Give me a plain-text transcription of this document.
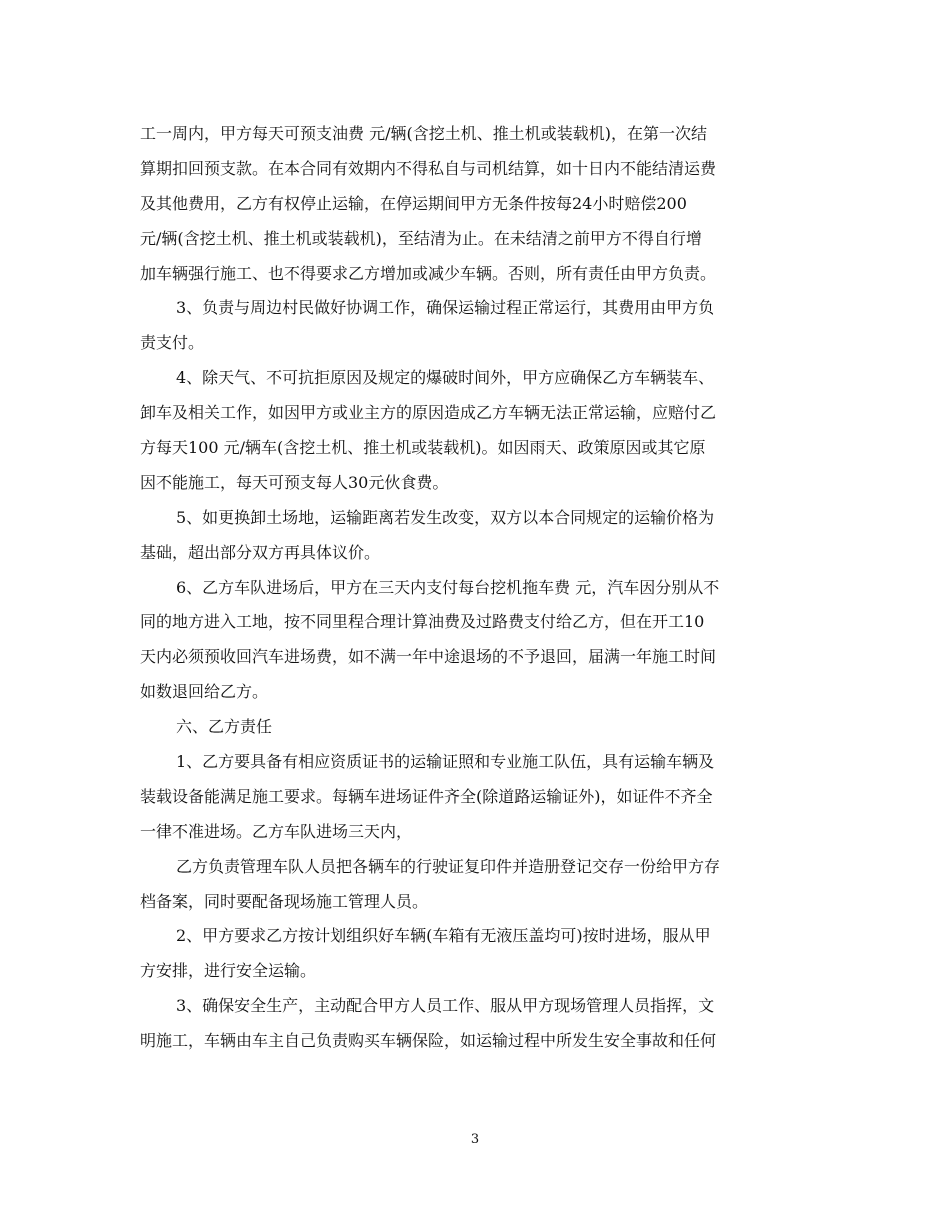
工一周内，甲方每天可预支油费 元/辆(含挖土机、推土机或装载机)，在第一次结
算期扣回预支款。在本合同有效期内不得私自与司机结算，如十日内不能结清运费
及其他费用，乙方有权停止运输，在停运期间甲方无条件按每24小时赔偿200
元/辆(含挖土机、推土机或装载机)，至结清为止。在未结清之前甲方不得自行增
加车辆强行施工、也不得要求乙方增加或减少车辆。否则，所有责任由甲方负责。
3、负责与周边村民做好协调工作，确保运输过程正常运行，其费用由甲方负
责支付。
4、除天气、不可抗拒原因及规定的爆破时间外，甲方应确保乙方车辆装车、
卸车及相关工作，如因甲方或业主方的原因造成乙方车辆无法正常运输，应赔付乙
方每天100 元/辆车(含挖土机、推土机或装载机)。如因雨天、政策原因或其它原
因不能施工，每天可预支每人30元伙食费。
5、如更换卸土场地，运输距离若发生改变，双方以本合同规定的运输价格为
基础，超出部分双方再具体议价。
6、乙方车队进场后，甲方在三天内支付每台挖机拖车费 元，汽车因分别从不
同的地方进入工地，按不同里程合理计算油费及过路费支付给乙方，但在开工10
天内必须预收回汽车进场费，如不满一年中途退场的不予退回，届满一年施工时间
如数退回给乙方。
六、乙方责任
1、乙方要具备有相应资质证书的运输证照和专业施工队伍，具有运输车辆及
装载设备能满足施工要求。每辆车进场证件齐全(除道路运输证外)，如证件不齐全
一律不准进场。乙方车队进场三天内，
乙方负责管理车队人员把各辆车的行驶证复印件并造册登记交存一份给甲方存
档备案，同时要配备现场施工管理人员。
2、甲方要求乙方按计划组织好车辆(车箱有无液压盖均可)按时进场，服从甲
方安排，进行安全运输。
3、确保安全生产，主动配合甲方人员工作、服从甲方现场管理人员指挥，文
明施工，车辆由车主自己负责购买车辆保险，如运输过程中所发生安全事故和任何
3
